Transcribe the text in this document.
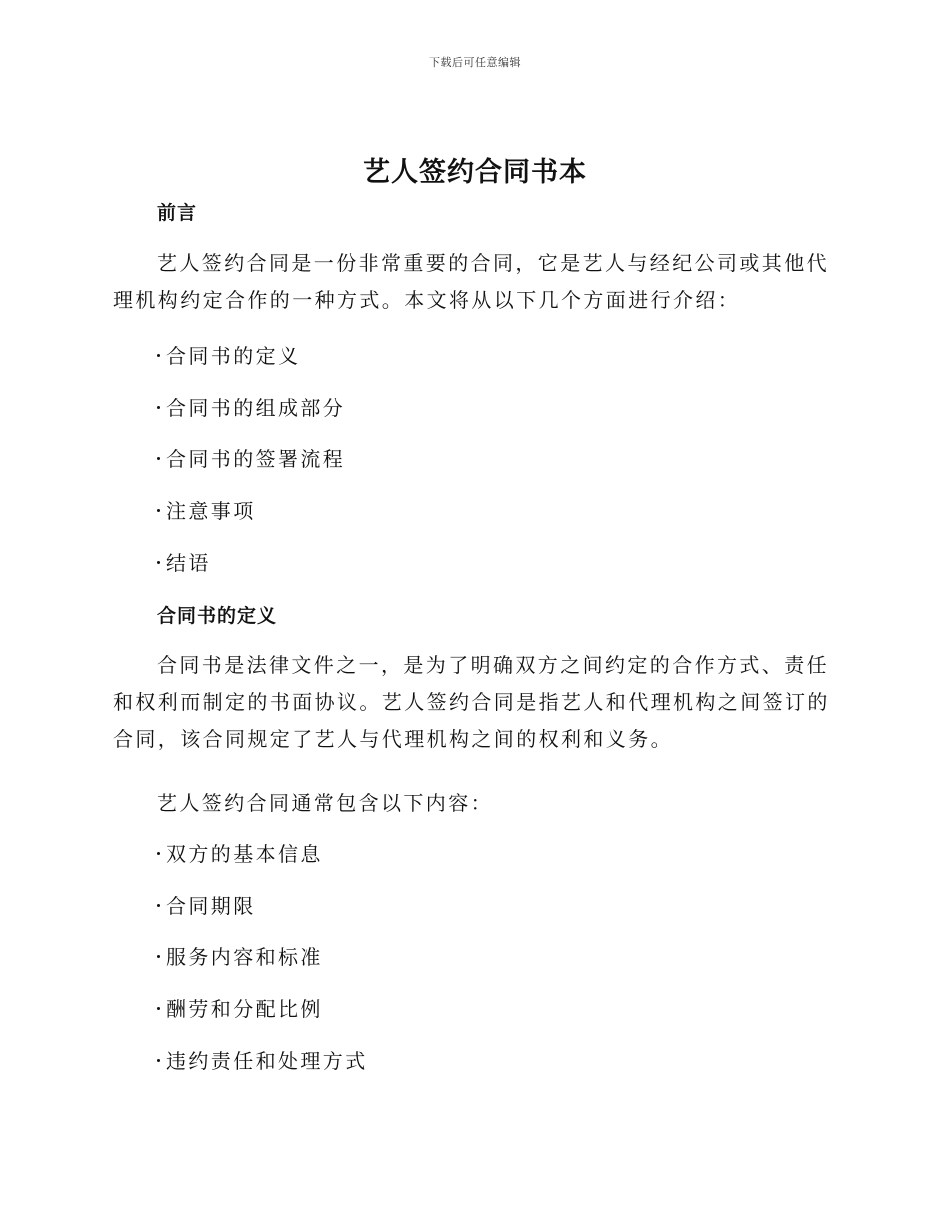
下载后可任意编辑
艺人签约合同书本
前言

艺人签约合同是一份非常重要的合同，它是艺人与经纪公司或其他代理机构约定合作的一种方式。本文将从以下几个方面进行介绍：

合同书的定义
合同书的组成部分
合同书的签署流程
注意事项
结语
合同书的定义

合同书是法律文件之一，是为了明确双方之间约定的合作方式、责任和权利而制定的书面协议。艺人签约合同是指艺人和代理机构之间签订的合同，该合同规定了艺人与代理机构之间的权利和义务。

艺人签约合同通常包含以下内容：

双方的基本信息
合同期限
服务内容和标准
酬劳和分配比例
违约责任和处理方式
